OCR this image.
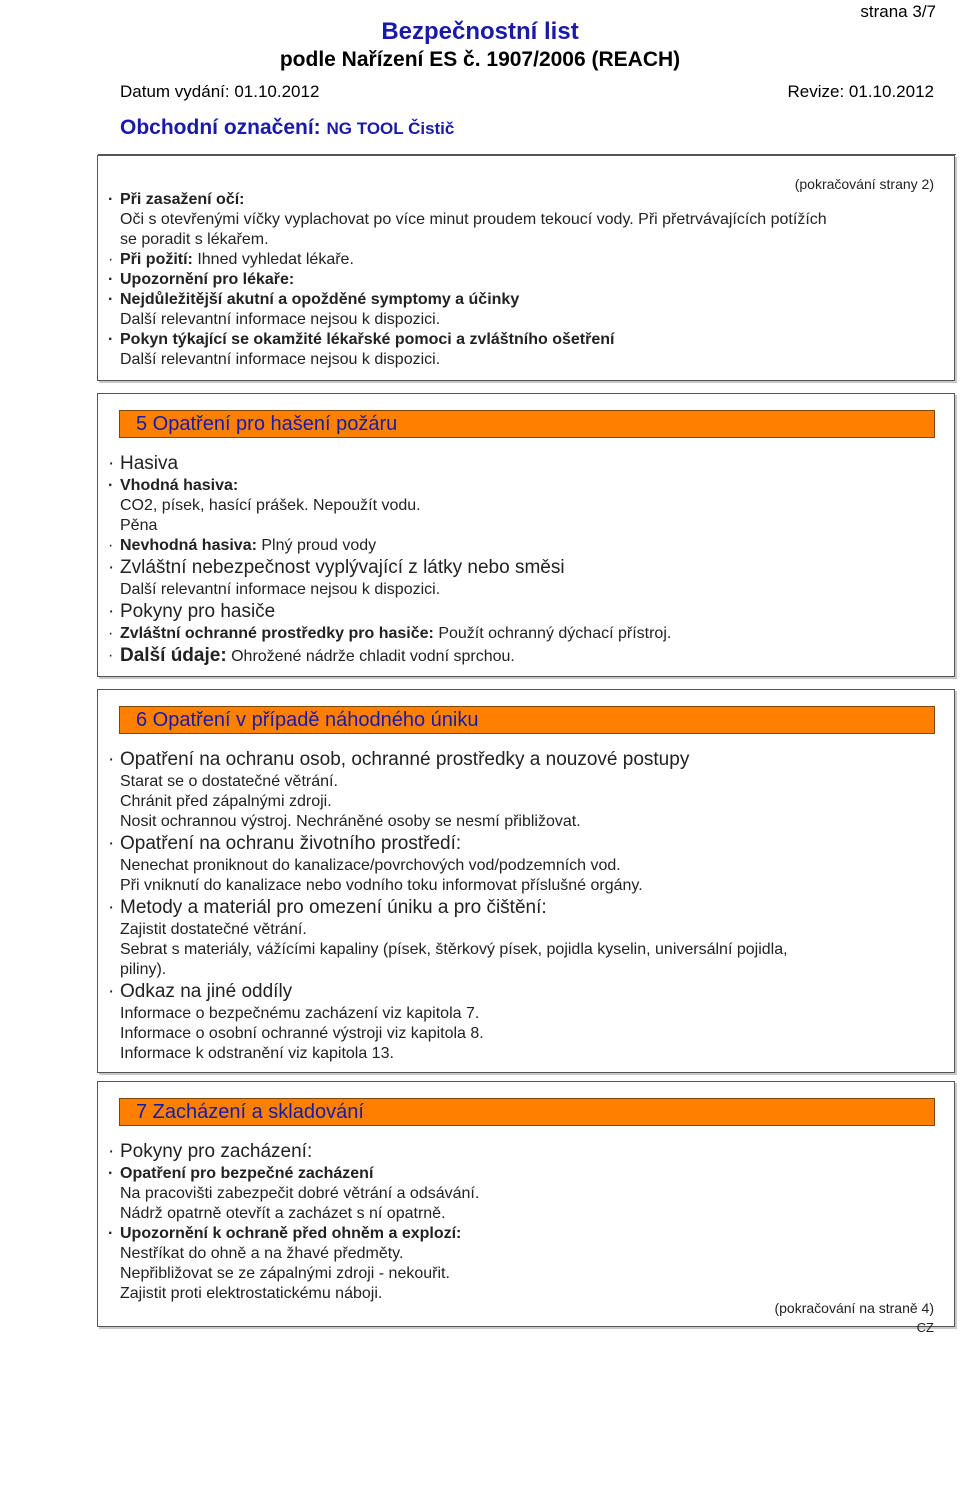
strana 3/7
Bezpečnostní list
podle Nařízení ES č. 1907/2006 (REACH)
Datum vydání: 01.10.2012	Revize: 01.10.2012
Obchodní označení: NG TOOL Čistič
(pokračování strany 2)
· Při zasažení očí:
Oči s otevřenými víčky vyplachovat po více minut proudem tekoucí vody. Při přetrvávajících potížích
se poradit s lékařem.
· Při požití: Ihned vyhledat lékaře.
· Upozornění pro lékaře:
· Nejdůležitější akutní a opožděné symptomy a účinky
Další relevantní informace nejsou k dispozici.
· Pokyn týkající se okamžité lékařské pomoci a zvláštního ošetření
Další relevantní informace nejsou k dispozici.
5 Opatření pro hašení požáru
· Hasiva
· Vhodná hasiva:
CO2, písek, hasící prášek. Nepoužít vodu.
Pěna
· Nevhodná hasiva: Plný proud vody
· Zvláštní nebezpečnost vyplývající z látky nebo směsi
Další relevantní informace nejsou k dispozici.
· Pokyny pro hasiče
· Zvláštní ochranné prostředky pro hasiče: Použít ochranný dýchací přístroj.
· Další údaje: Ohrožené nádrže chladit vodní sprchou.
6 Opatření v případě náhodného úniku
· Opatření na ochranu osob, ochranné prostředky a nouzové postupy
Starat se o dostatečné větrání.
Chránit před zápalnými zdroji.
Nosit ochrannou výstroj. Nechráněné osoby se nesmí přibližovat.
· Opatření na ochranu životního prostředí:
Nenechat proniknout do kanalizace/povrchových vod/podzemních vod.
Při vniknutí do kanalizace nebo vodního toku informovat příslušné orgány.
· Metody a materiál pro omezení úniku a pro čištění:
Zajistit dostatečné větrání.
Sebrat s materiály, vážícími kapaliny (písek, štěrkový písek, pojidla kyselin, universální pojidla,
piliny).
· Odkaz na jiné oddíly
Informace o bezpečnému zacházení viz kapitola 7.
Informace o osobní ochranné výstroji viz kapitola 8.
Informace k odstranění viz kapitola 13.
7 Zacházení a skladování
· Pokyny pro zacházení:
· Opatření pro bezpečné zacházení
Na pracovišti zabezpečit dobré větrání a odsávání.
Nádrž opatrně otevřít a zacházet s ní opatrně.
· Upozornění k ochraně před ohněm a explozí:
Nestříkat do ohně a na žhavé předměty.
Nepřibližovat se ze zápalnými zdroji - nekouřit.
Zajistit proti elektrostatickému náboji.
(pokračování na straně 4)
CZ
